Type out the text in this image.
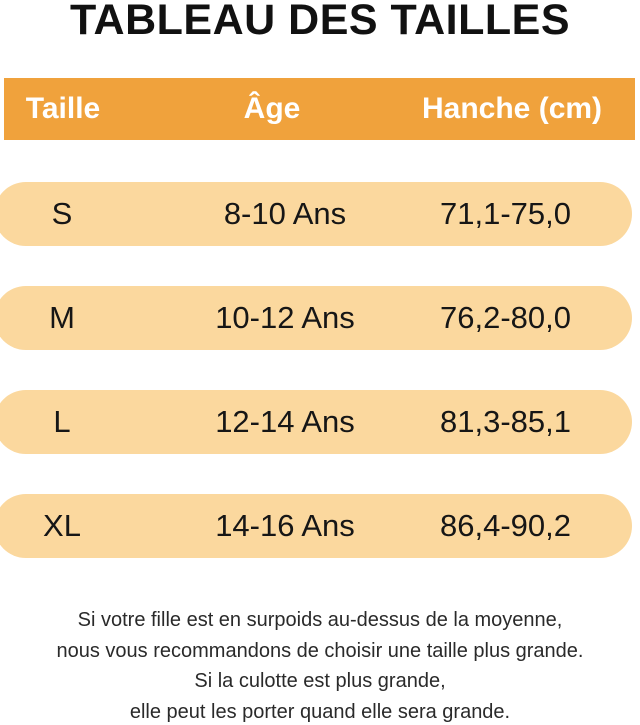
TABLEAU DES TAILLES
Taille	Âge	Hanche (cm)
S	8-10 Ans	71,1-75,0
M	10-12 Ans	76,2-80,0
L	12-14 Ans	81,3-85,1
XL	14-16 Ans	86,4-90,2

Si votre fille est en surpoids au-dessus de la moyenne,

nous vous recommandons de choisir une taille plus grande.

Si la culotte est plus grande,

elle peut les porter quand elle sera grande.
